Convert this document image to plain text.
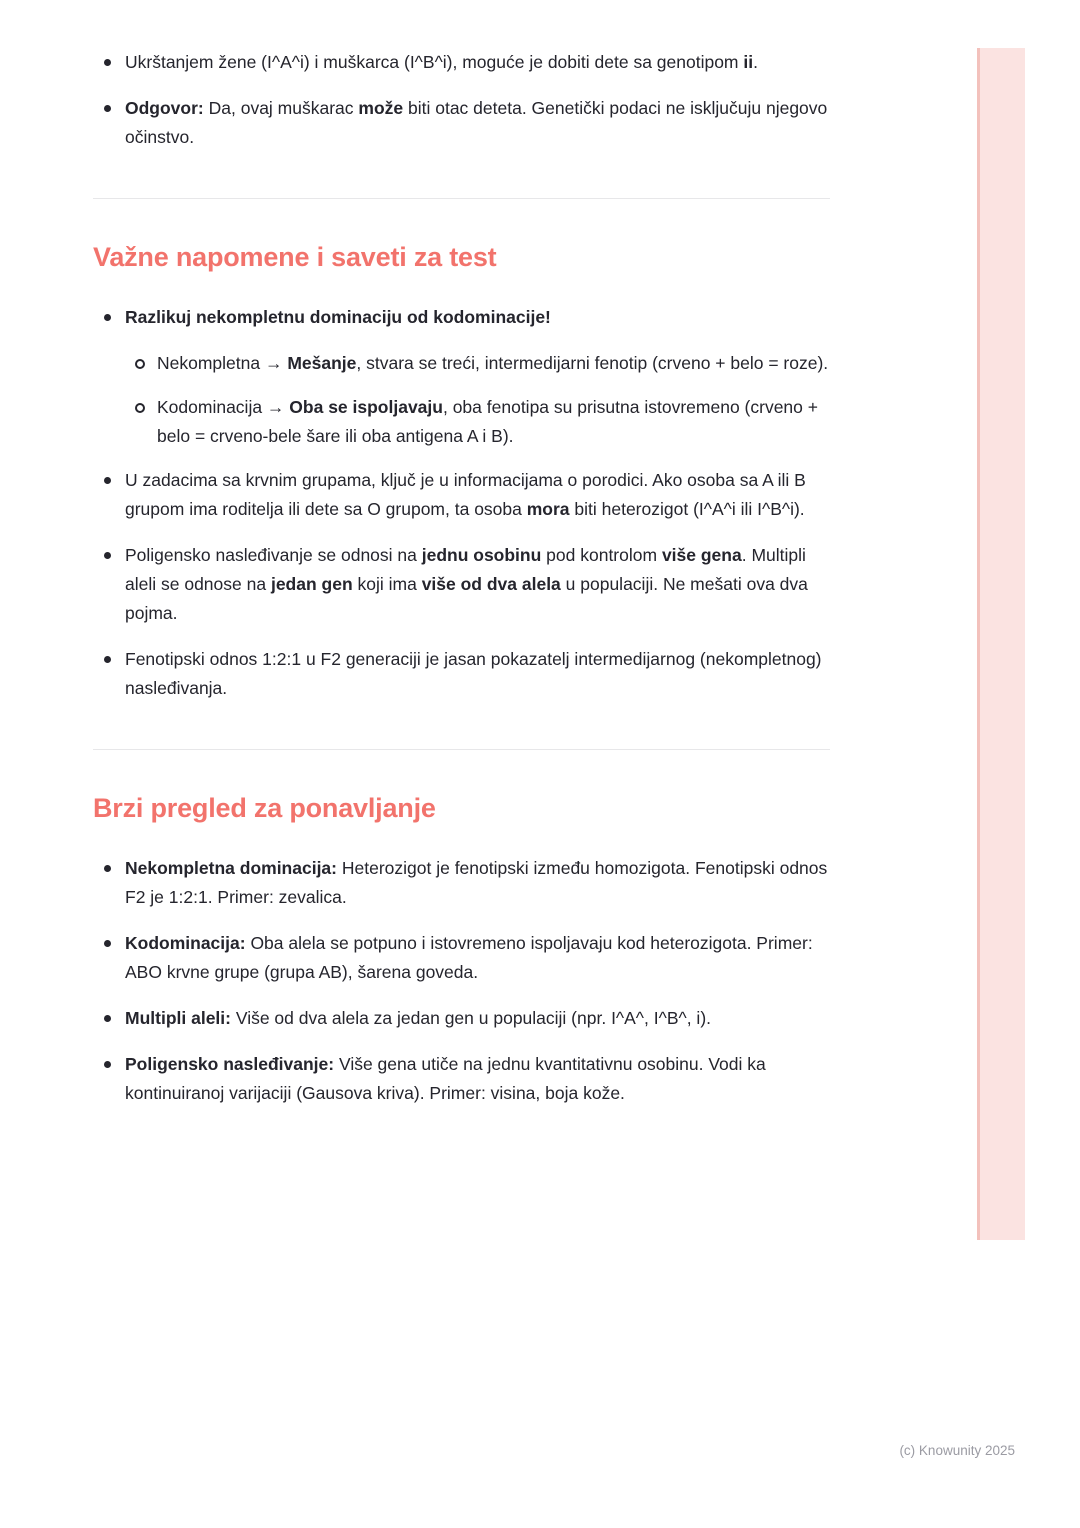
Ukrštanjem žene (I^A^i) i muškarca (I^B^i), moguće je dobiti dete sa genotipom ii.
Odgovor: Da, ovaj muškarac može biti otac deteta. Genetički podaci ne isključuju njegovo očinstvo.
Važne napomene i saveti za test
Razlikuj nekompletnu dominaciju od kodominacije!
Nekompletna → Mešanje, stvara se treći, intermedijarni fenotip (crveno + belo = roze).
Kodominacija → Oba se ispoljavaju, oba fenotipa su prisutna istovremeno (crveno + belo = crveno-bele šare ili oba antigena A i B).
U zadacima sa krvnim grupama, ključ je u informacijama o porodici. Ako osoba sa A ili B grupom ima roditelja ili dete sa O grupom, ta osoba mora biti heterozigot (I^A^i ili I^B^i).
Poligensko nasleđivanje se odnosi na jednu osobinu pod kontrolom više gena. Multipli aleli se odnose na jedan gen koji ima više od dva alela u populaciji. Ne mešati ova dva pojma.
Fenotipski odnos 1:2:1 u F2 generaciji je jasan pokazatelj intermedijarnog (nekompletnog) nasleđivanja.
Brzi pregled za ponavljanje
Nekompletna dominacija: Heterozigot je fenotipski između homozigota. Fenotipski odnos F2 je 1:2:1. Primer: zevalica.
Kodominacija: Oba alela se potpuno i istovremeno ispoljavaju kod heterozigota. Primer: ABO krvne grupe (grupa AB), šarena goveda.
Multipli aleli: Više od dva alela za jedan gen u populaciji (npr. I^A^, I^B^, i).
Poligensko nasleđivanje: Više gena utiče na jednu kvantitativnu osobinu. Vodi ka kontinuiranoj varijaciji (Gausova kriva). Primer: visina, boja kože.
(c) Knowunity 2025
